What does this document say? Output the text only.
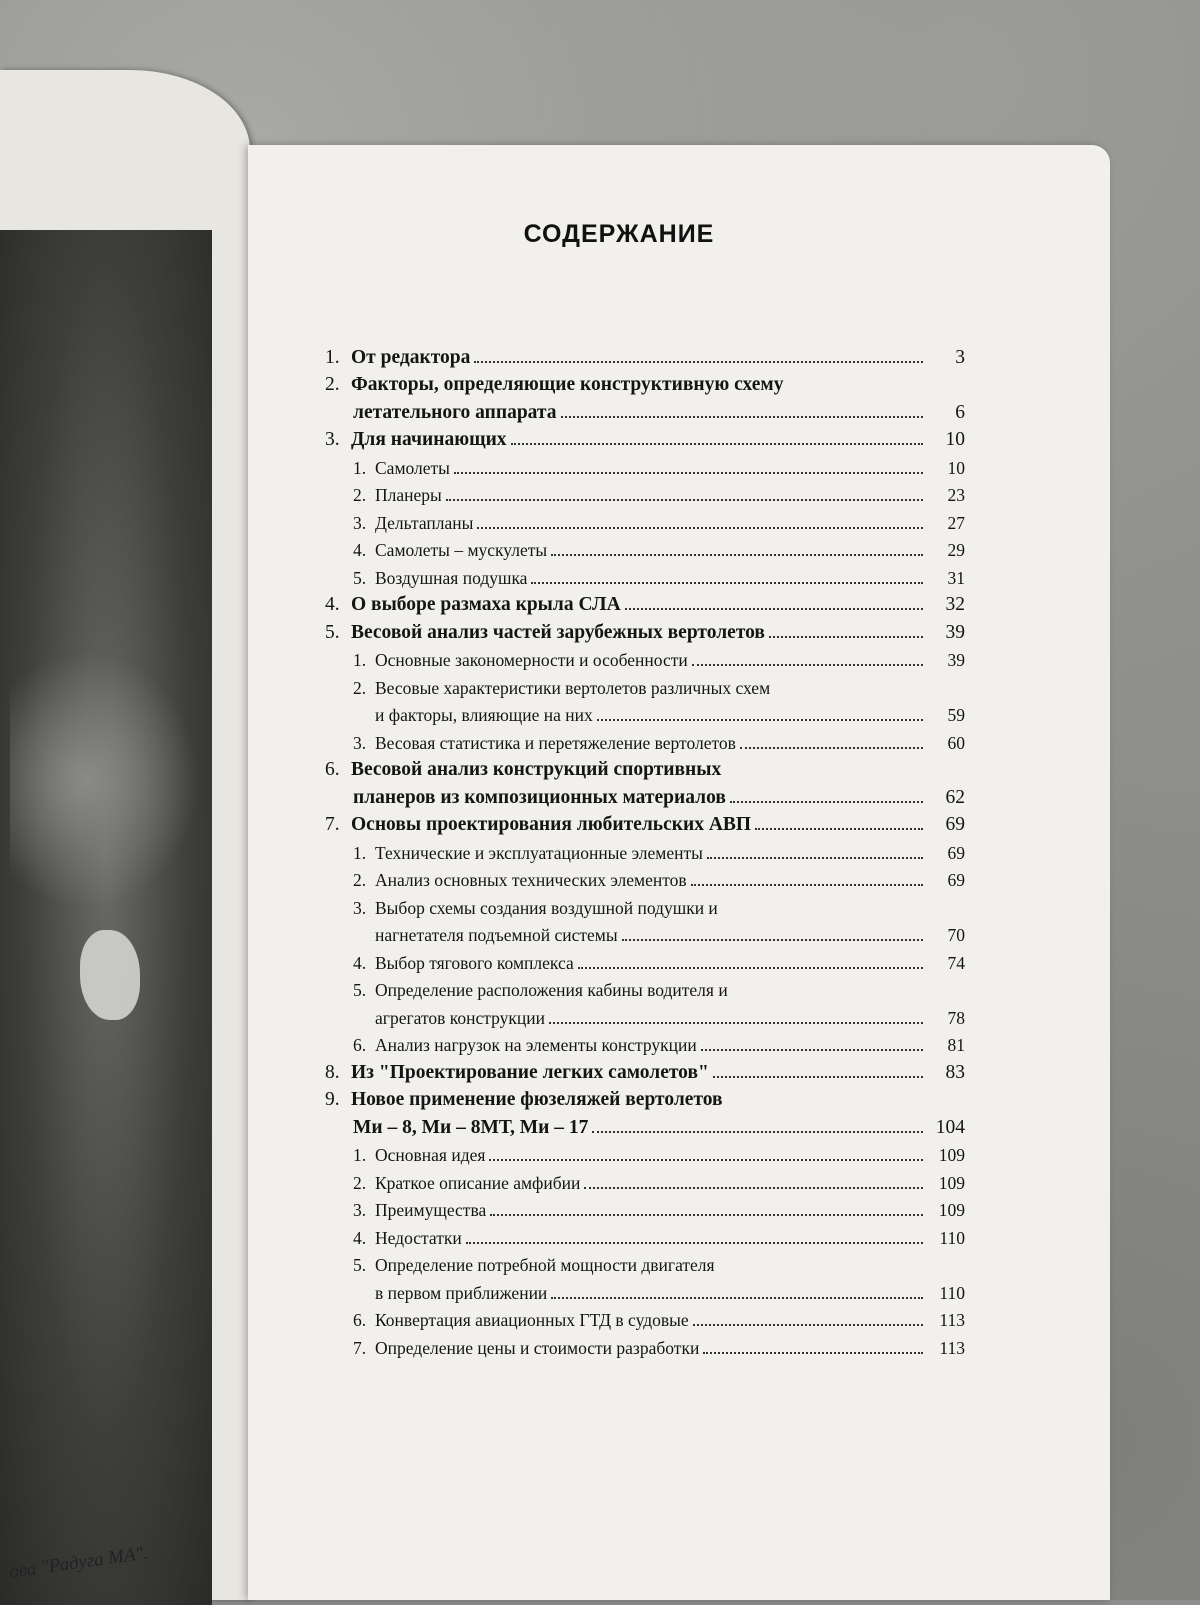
ова "Радуга МА".
СОДЕРЖАНИЕ
1. От редактора	3
2. Факторы, определяющие конструктивную схему
летательного аппарата	6
3. Для начинающих	10
1. Самолеты	10
2. Планеры	23
3. Дельтапланы	27
4. Самолеты – мускулеты	29
5. Воздушная подушка	31
4. О выборе размаха крыла СЛА	32
5. Весовой анализ частей зарубежных вертолетов	39
1. Основные закономерности и особенности	39
2. Весовые характеристики вертолетов различных схем
и факторы, влияющие на них	59
3. Весовая статистика и перетяжеление вертолетов	60
6. Весовой анализ конструкций спортивных
планеров из композиционных материалов	62
7. Основы проектирования любительских АВП	69
1. Технические и эксплуатационные элементы	69
2. Анализ основных технических элементов	69
3. Выбор схемы создания воздушной подушки и
нагнетателя подъемной системы	70
4. Выбор тягового комплекса	74
5. Определение расположения кабины водителя и
агрегатов конструкции	78
6. Анализ нагрузок на элементы конструкции	81
8. Из "Проектирование легких самолетов"	83
9. Новое применение фюзеляжей вертолетов
Ми – 8, Ми – 8МТ, Ми – 17	104
1. Основная идея	109
2. Краткое описание амфибии	109
3. Преимущества	109
4. Недостатки	110
5. Определение потребной мощности двигателя
в первом приближении	110
6. Конвертация авиационных ГТД в судовые	113
7. Определение цены и стоимости разработки	113
